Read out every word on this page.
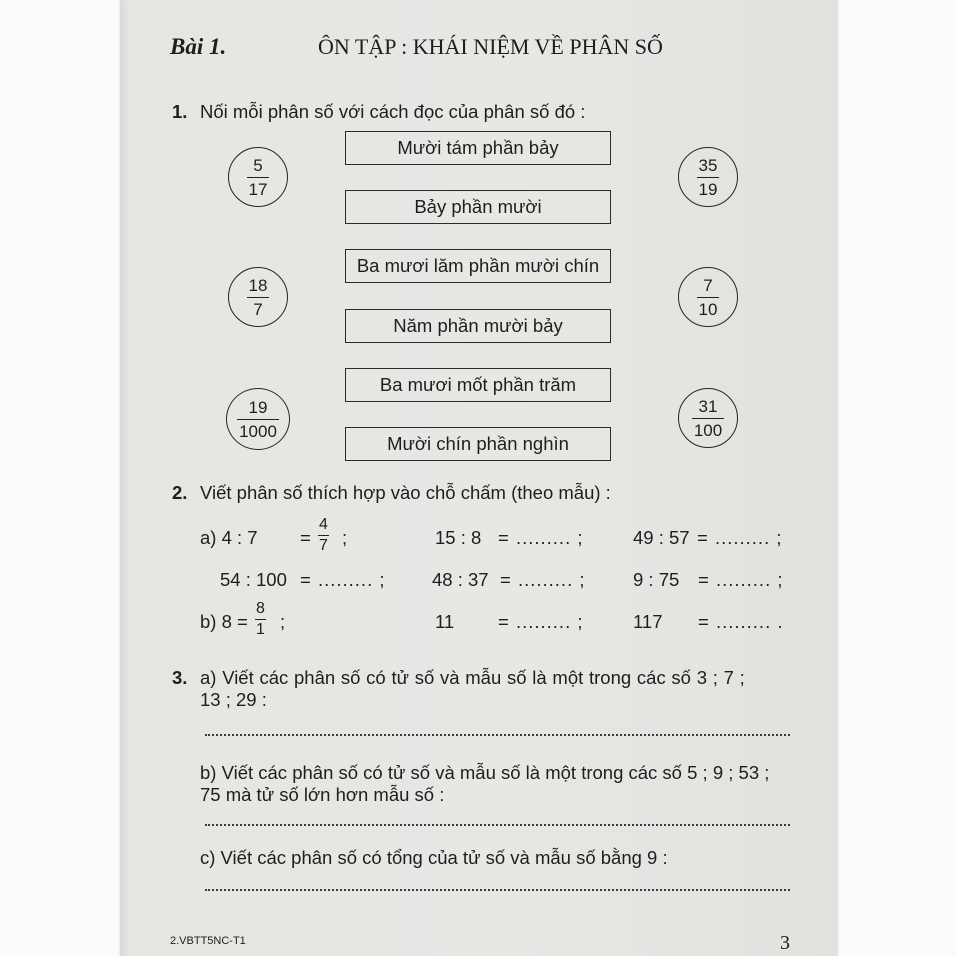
Bài 1.	ÔN TẬP : KHÁI NIỆM VỀ PHÂN SỐ
1. Nối mỗi phân số với cách đọc của phân số đó :
$\frac{5}{17}$
$\frac{18}{7}$
$\frac{19}{1000}$
$\frac{35}{19}$
$\frac{7}{10}$
$\frac{31}{100}$
Mười tám phần bảy
Bảy phần mười
Ba mươi lăm phần mười chín
Năm phần mười bảy
Ba mươi mốt phần trăm
Mười chín phần nghìn
2. Viết phân số thích hợp vào chỗ chấm (theo mẫu) :
a) 4 : $7 = \frac{4}{7}$ ;	15 : 8 = ......... ;	49 : 57 = ......... ;
54 : 100 = ......... ;	48 : 37 = ......... ;	9 : 75 = ......... ;
b) $8 = \frac{8}{1}$ ;	11 = ......... ;	117 = ......... .
3. a) Viết các phân số có tử số và mẫu số là một trong các số 3 ; 7 ;
13 ; 29 :
b) Viết các phân số có tử số và mẫu số là một trong các số 5 ; 9 ; 53 ;
75 mà tử số lớn hơn mẫu số :
c) Viết các phân số có tổng của tử số và mẫu số bằng 9 :
2.VBTT5NC-T1	3
